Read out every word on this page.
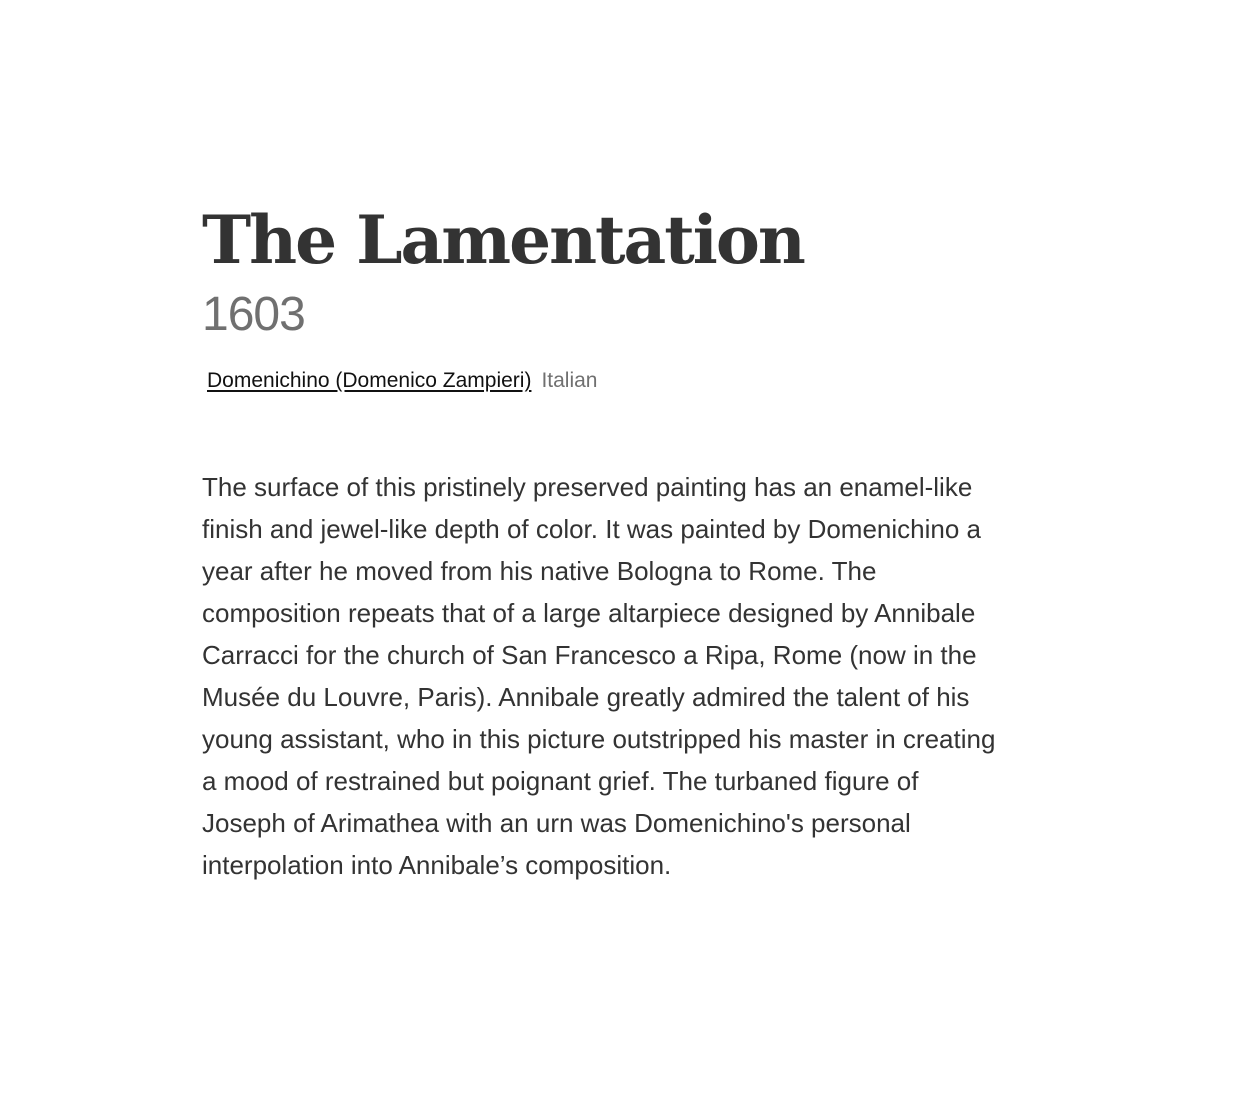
The Lamentation
1603
Domenichino (Domenico Zampieri) Italian

The surface of this pristinely preserved painting has an enamel-like finish and jewel-like depth of color. It was painted by Domenichino a year after he moved from his native Bologna to Rome. The composition repeats that of a large altarpiece designed by Annibale Carracci for the church of San Francesco a Ripa, Rome (now in the Musée du Louvre, Paris). Annibale greatly admired the talent of his young assistant, who in this picture outstripped his master in creating a mood of restrained but poignant grief. The turbaned figure of Joseph of Arimathea with an urn was Domenichino's personal interpolation into Annibale’s composition.
